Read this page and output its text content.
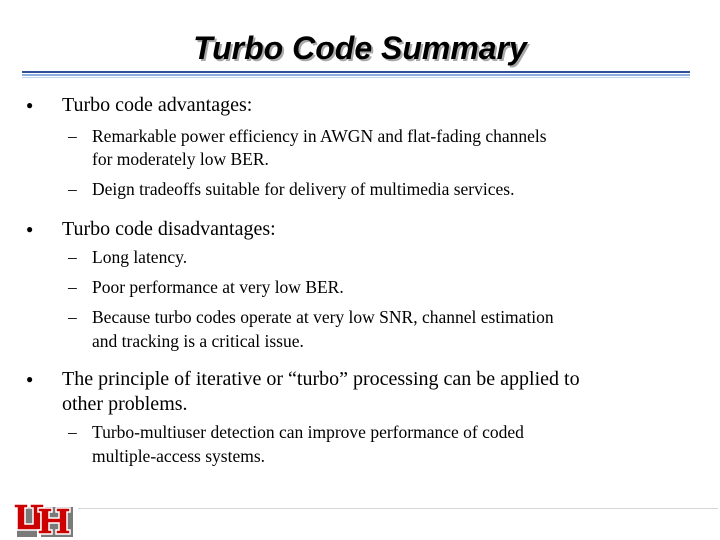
Turbo Code Summary
● Turbo code advantages:
– Remarkable power efficiency in AWGN and flat-fading channels
for moderately low BER.
– Deign tradeoffs suitable for delivery of multimedia services.
● Turbo code disadvantages:
– Long latency.
– Poor performance at very low BER.
– Because turbo codes operate at very low SNR, channel estimation
and tracking is a critical issue.
● The principle of iterative or “turbo” processing can be applied to
other problems.
– Turbo-multiuser detection can improve performance of coded
multiple-access systems.
